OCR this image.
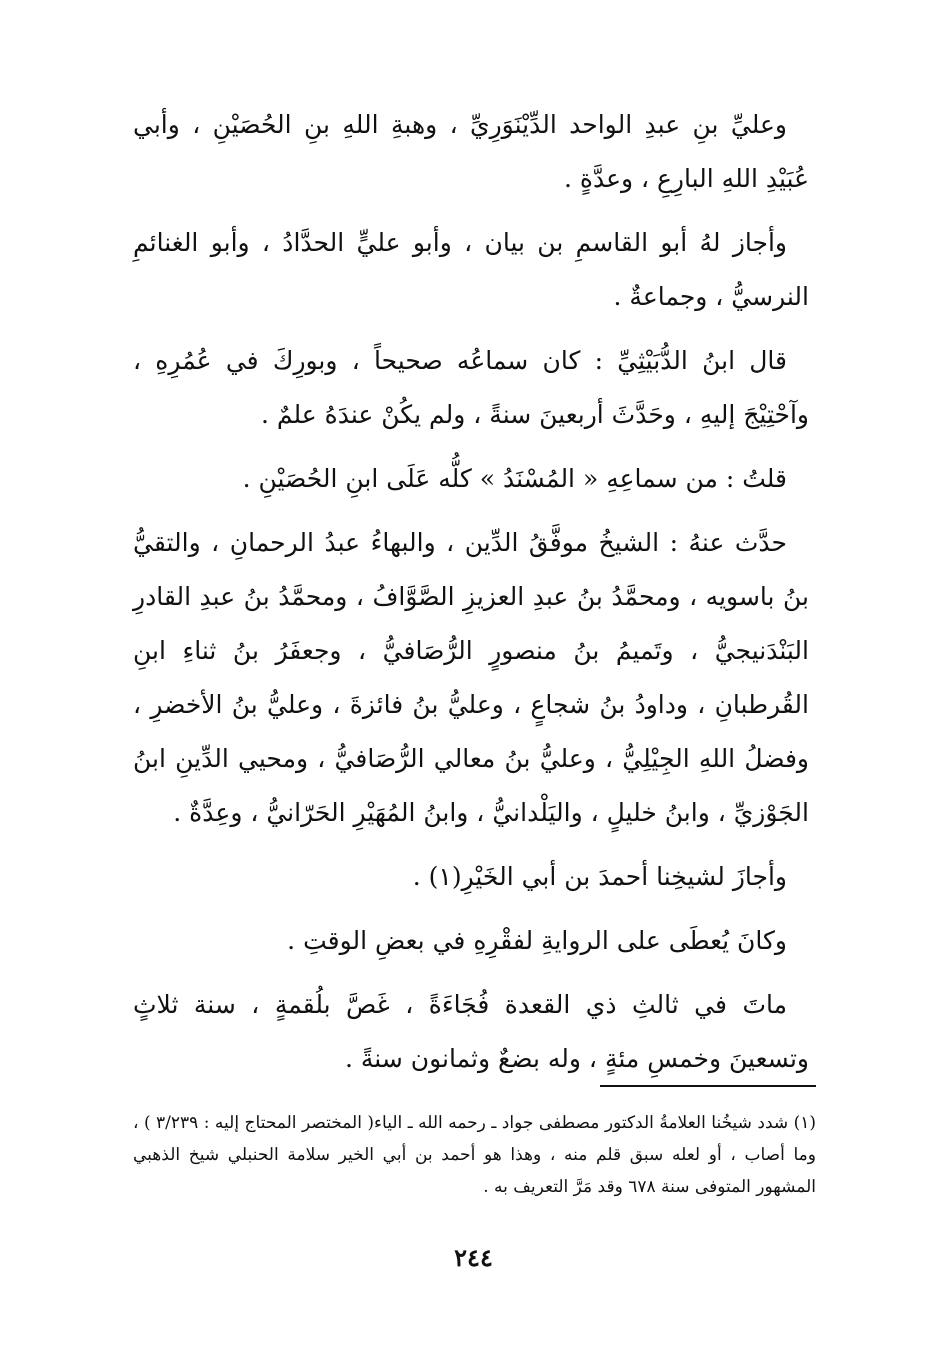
وعليِّ بنِ عبدِ الواحد الدِّيْنَوَرِيِّ ، وهبةِ اللهِ بنِ الحُصَيْنِ ، وأبي عُبَيْدِ اللهِ البارِعِ ، وعدَّةٍ .

وأجاز لهُ أبو القاسمِ بن بيان ، وأبو عليٍّ الحدَّادُ ، وأبو الغنائمِ النرسيُّ ، وجماعةٌ .

قال ابنُ الدُّبَيْثِيِّ : كان سماعُه صحيحاً ، وبورِكَ في عُمُرِهِ ، وآحْتِيْجَ إليهِ ، وحَدَّثَ أربعينَ سنةً ، ولم يكُنْ عندَهُ علمٌ .

قلتُ : من سماعِهِ « المُسْنَدُ » كلُّه عَلَى ابنِ الحُصَيْنِ .

حدَّث عنهُ : الشيخُ موفَّقُ الدِّين ، والبهاءُ عبدُ الرحمانِ ، والتقيُّ بنُ باسويه ، ومحمَّدُ بنُ عبدِ العزيزِ الصَّوَّافُ ، ومحمَّدُ بنُ عبدِ القادرِ البَنْدَنيجيُّ ، وتَميمُ بنُ منصورٍ الرُّصَافيُّ ، وجعفَرُ بنُ ثناءِ ابنِ القُرطبانِ ، وداودُ بنُ شجاعٍ ، وعليُّ بنُ فائزةَ ، وعليُّ بنُ الأخضرِ ، وفضلُ اللهِ الجِيْلِيُّ ، وعليُّ بنُ معالي الرُّصَافيُّ ، ومحيي الدِّينِ ابنُ الجَوْزيِّ ، وابنُ خليلٍ ، واليَلْدانيُّ ، وابنُ المُهَيْرِ الحَرّانيُّ ، وعِدَّةٌ .

وأجازَ لشيخِنا أحمدَ بن أبي الخَيْرِ(١) .

وكانَ يُعطَى على الروايةِ لفقْرِهِ في بعضِ الوقتِ .

ماتَ في ثالثِ ذي القعدة فُجَاءَةً ، غَصَّ بلُقمةٍ ، سنة ثلاثٍ وتسعينَ وخمسِ مئةٍ ، وله بضعٌ وثمانون سنةً .

(١) شدد شيخُنا العلامةُ الدكتور مصطفى جواد ـ رحمه الله ـ الياء( المختصر المحتاج إليه : ٣/٢٣٩ ) ، وما أصاب ، أو لعله سبق قلم منه ، وهذا هو أحمد بن أبي الخير سلامة الحنبلي شيخ الذهبي المشهور المتوفى سنة ٦٧٨ وقد مَرَّ التعريف به .

٢٤٤
